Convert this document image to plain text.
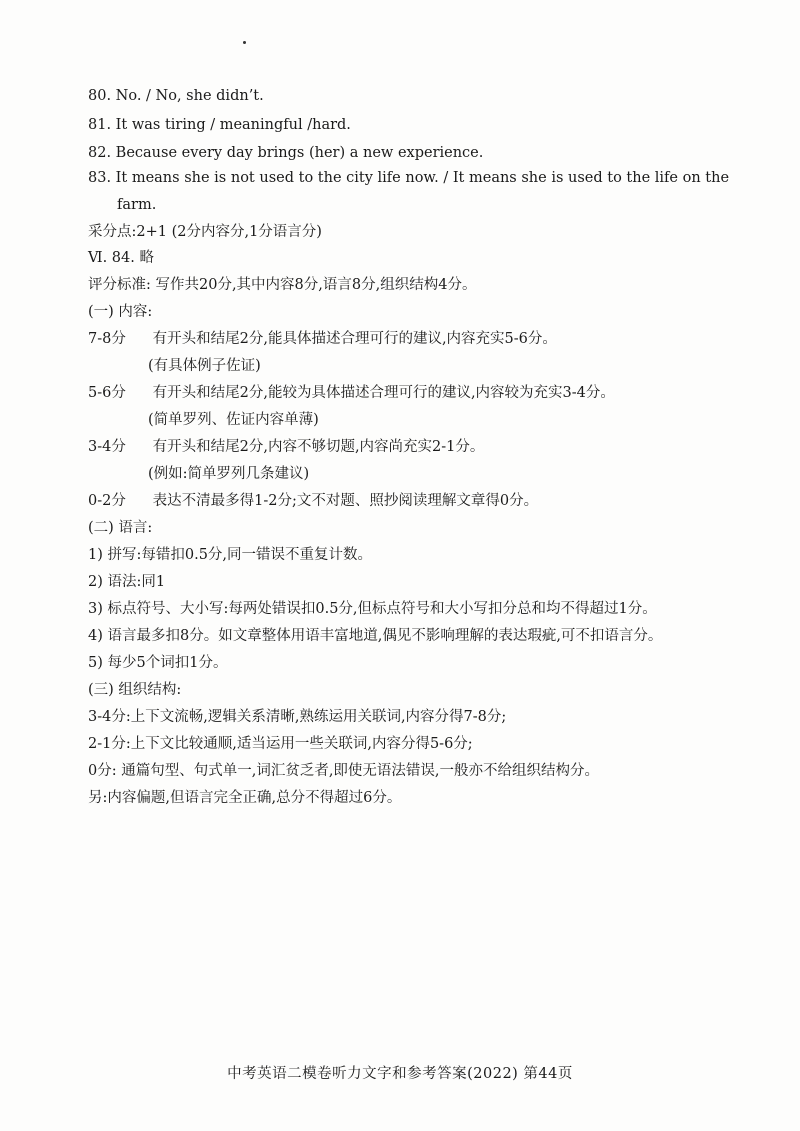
80. No. / No, she didn’t.
81. It was tiring / meaningful /hard.
82. Because every day brings (her) a new experience.
83. It means she is not used to the city life now. / It means she is used to the life on the
farm.
采分点:2+1 (2分内容分,1分语言分)
Ⅵ. 84. 略
评分标准: 写作共20分,其中内容8分,语言8分,组织结构4分。
(一) 内容:
7-8分 有开头和结尾2分,能具体描述合理可行的建议,内容充实5-6分。
(有具体例子佐证)
5-6分 有开头和结尾2分,能较为具体描述合理可行的建议,内容较为充实3-4分。
(简单罗列、佐证内容单薄)
3-4分 有开头和结尾2分,内容不够切题,内容尚充实2-1分。
(例如:简单罗列几条建议)
0-2分 表达不清最多得1-2分;文不对题、照抄阅读理解文章得0分。
(二) 语言:
1) 拼写:每错扣0.5分,同一错误不重复计数。
2) 语法:同1
3) 标点符号、大小写:每两处错误扣0.5分,但标点符号和大小写扣分总和均不得超过1分。
4) 语言最多扣8分。如文章整体用语丰富地道,偶见不影响理解的表达瑕疵,可不扣语言分。
5) 每少5个词扣1分。
(三) 组织结构:
3-4分:上下文流畅,逻辑关系清晰,熟练运用关联词,内容分得7-8分;
2-1分:上下文比较通顺,适当运用一些关联词,内容分得5-6分;
0分: 通篇句型、句式单一,词汇贫乏者,即使无语法错误,一般亦不给组织结构分。
另:内容偏题,但语言完全正确,总分不得超过6分。
中考英语二模卷听力文字和参考答案(2022) 第44页
